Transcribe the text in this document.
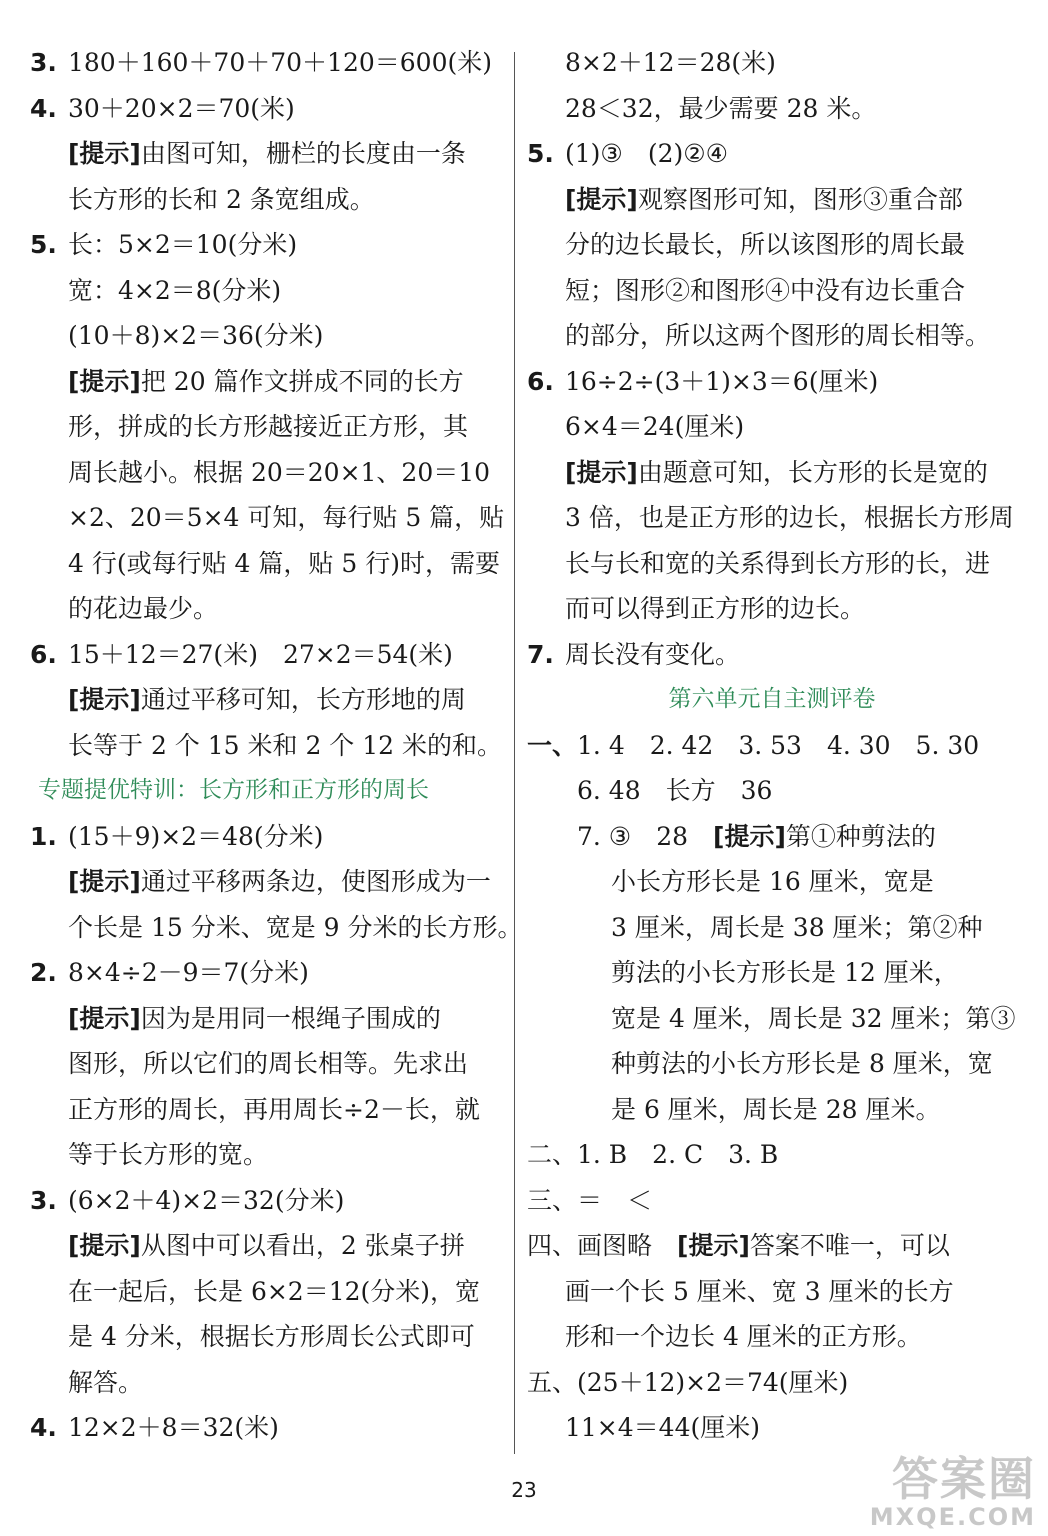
3. 180＋160＋70＋70＋120＝600(米)
4. 30＋20×2＝70(米)
[提示]由图可知，栅栏的长度由一条
长方形的长和 2 条宽组成。
5. 长：5×2＝10(分米)
宽：4×2＝8(分米)
(10＋8)×2＝36(分米)
[提示]把 20 篇作文拼成不同的长方
形，拼成的长方形越接近正方形，其
周长越小。根据 20＝20×1、20＝10
×2、20＝5×4 可知，每行贴 5 篇，贴
4 行(或每行贴 4 篇，贴 5 行)时，需要
的花边最少。
6. 15＋12＝27(米)　27×2＝54(米)
[提示]通过平移可知，长方形地的周
长等于 2 个 15 米和 2 个 12 米的和。
专题提优特训：长方形和正方形的周长
1. (15＋9)×2＝48(分米)
[提示]通过平移两条边，使图形成为一
个长是 15 分米、宽是 9 分米的长方形。
2. 8×4÷2－9＝7(分米)
[提示]因为是用同一根绳子围成的
图形，所以它们的周长相等。先求出
正方形的周长，再用周长÷2－长，就
等于长方形的宽。
3. (6×2＋4)×2＝32(分米)
[提示]从图中可以看出，2 张桌子拼
在一起后，长是 6×2＝12(分米)，宽
是 4 分米，根据长方形周长公式即可
解答。
4. 12×2＋8＝32(米)
8×2＋12＝28(米)
28＜32，最少需要 28 米。
5. (1)③　(2)②④
[提示]观察图形可知，图形③重合部
分的边长最长，所以该图形的周长最
短；图形②和图形④中没有边长重合
的部分，所以这两个图形的周长相等。
6. 16÷2÷(3＋1)×3＝6(厘米)
6×4＝24(厘米)
[提示]由题意可知，长方形的长是宽的
3 倍，也是正方形的边长，根据长方形周
长与长和宽的关系得到长方形的长，进
而可以得到正方形的边长。
7. 周长没有变化。
第六单元自主测评卷
一、1. 4　2. 42　3. 53　4. 30　5. 30
6. 48　长方　36
7. ③　28　 [提示]第①种剪法的
小长方形长是 16 厘米，宽是
3 厘米，周长是 38 厘米；第②种
剪法的小长方形长是 12 厘米，
宽是 4 厘米，周长是 32 厘米；第③
种剪法的小长方形长是 8 厘米，宽
是 6 厘米，周长是 28 厘米。
二、1. B　2. C　3. B
三、＝　＜
四、画图略　 [提示]答案不唯一，可以
画一个长 5 厘米、宽 3 厘米的长方
形和一个边长 4 厘米的正方形。
五、(25＋12)×2＝74(厘米)
11×4＝44(厘米)
23	答案圈
MXQE.COM
